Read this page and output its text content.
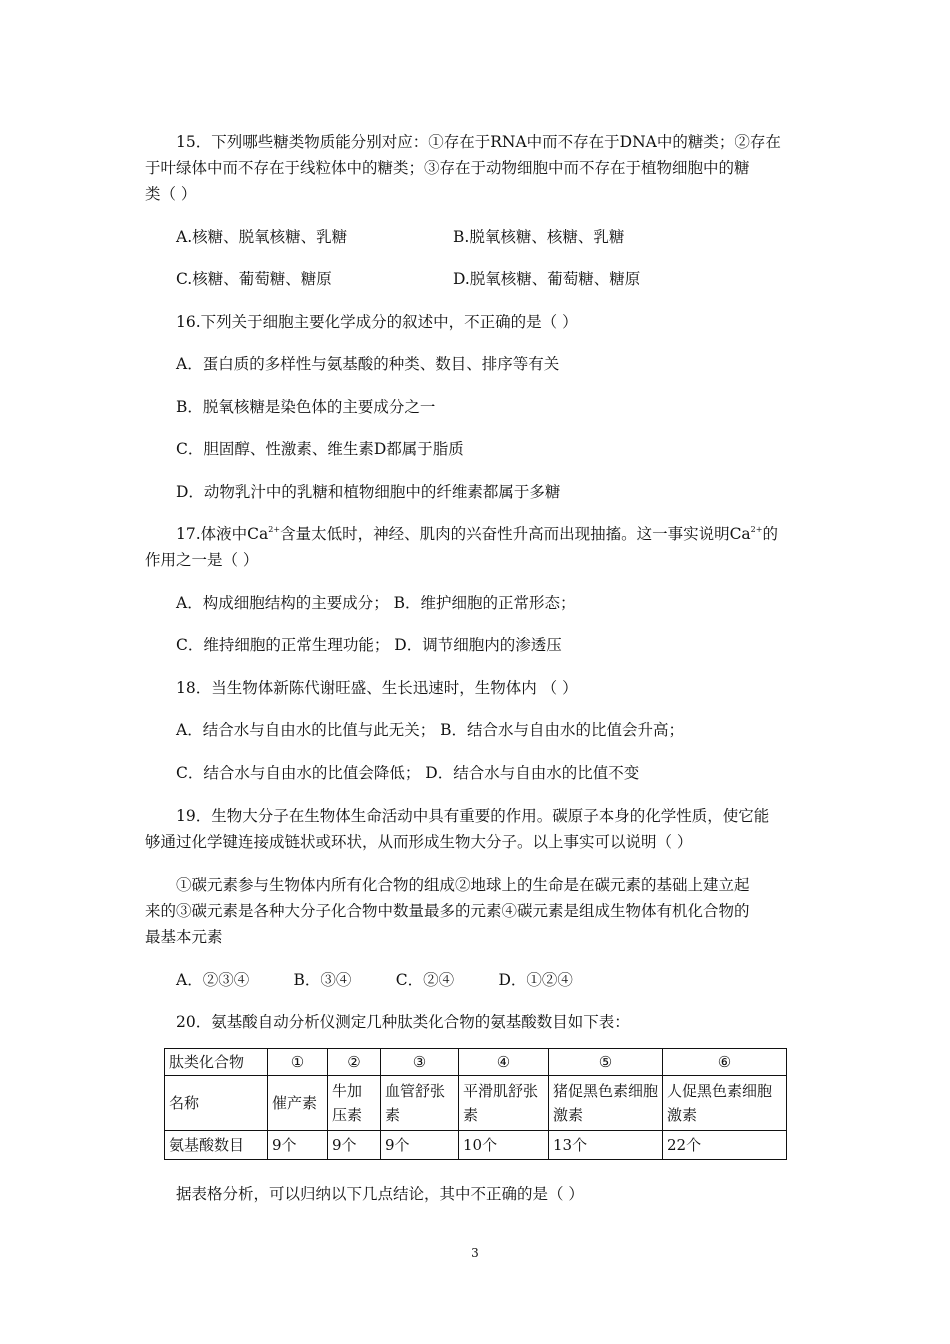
15．下列哪些糖类物质能分别对应：①存在于RNA中而不存在于DNA中的糖类；②存在
于叶绿体中而不存在于线粒体中的糖类；③存在于动物细胞中而不存在于植物细胞中的糖
类（ ）
A.核糖、脱氧核糖、乳糖	B.脱氧核糖、核糖、乳糖
C.核糖、葡萄糖、糖原	D.脱氧核糖、葡萄糖、糖原
16.下列关于细胞主要化学成分的叙述中，不正确的是（ ）
A．蛋白质的多样性与氨基酸的种类、数目、排序等有关
B．脱氧核糖是染色体的主要成分之一
C．胆固醇、性激素、维生素D都属于脂质
D．动物乳汁中的乳糖和植物细胞中的纤维素都属于多糖
17.体液中$Ca^{2+}$含量太低时，神经、肌肉的兴奋性升高而出现抽搐。这一事实说明$Ca^{2+}$的
作用之一是（ ）
A．构成细胞结构的主要成分； B．维护细胞的正常形态；
C．维持细胞的正常生理功能； D．调节细胞内的渗透压
18．当生物体新陈代谢旺盛、生长迅速时，生物体内 （ ）
A．结合水与自由水的比值与此无关； B．结合水与自由水的比值会升高；
C．结合水与自由水的比值会降低； D．结合水与自由水的比值不变
19．生物大分子在生物体生命活动中具有重要的作用。碳原子本身的化学性质，使它能
够通过化学键连接成链状或环状，从而形成生物大分子。以上事实可以说明（ ）
①碳元素参与生物体内所有化合物的组成②地球上的生命是在碳元素的基础上建立起
来的③碳元素是各种大分子化合物中数量最多的元素④碳元素是组成生物体有机化合物的
最基本元素
A．②③④         B．③④         C．②④         D．①②④
20．氨基酸自动分析仪测定几种肽类化合物的氨基酸数目如下表：
肽类化合物	①	②	③	④	⑤	⑥
名称	催产素	牛加压素	血管舒张素	平滑肌舒张素	猪促黑色素细胞激素	人促黑色素细胞激素
氨基酸数目	9个	9个	9个	10个	13个	22个
据表格分析，可以归纳以下几点结论，其中不正确的是（ ）
3
